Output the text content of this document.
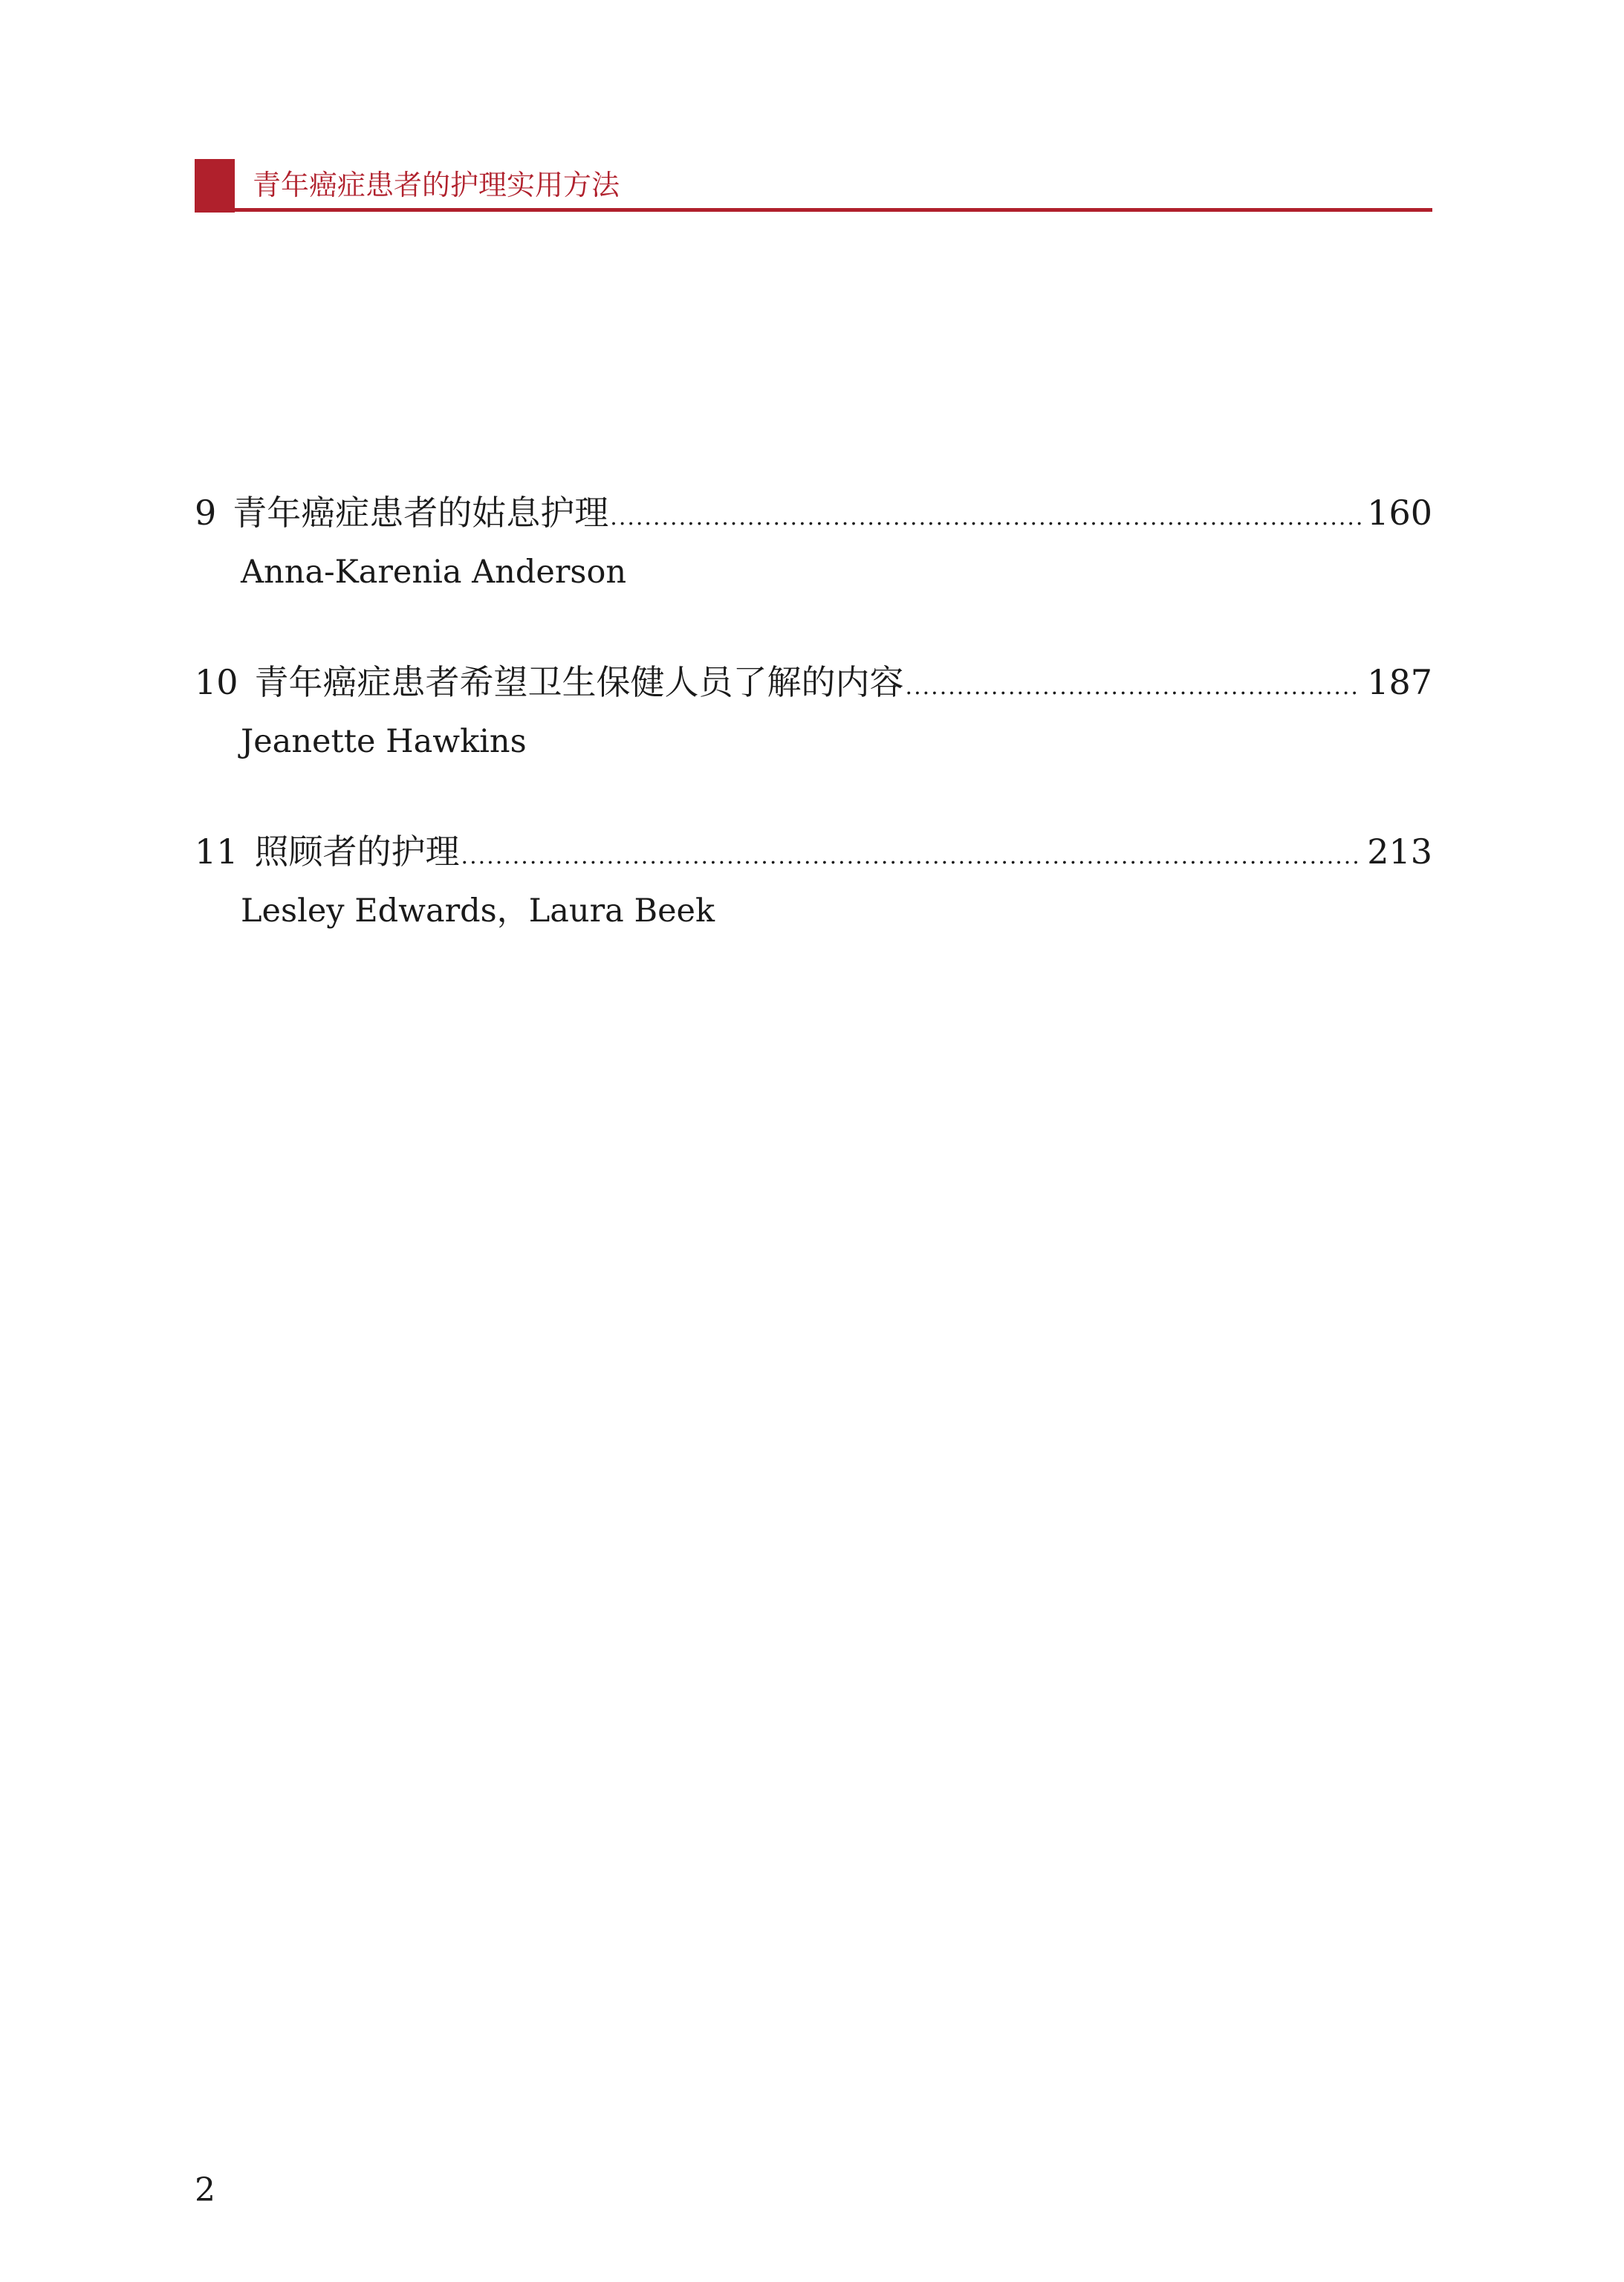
青年癌症患者的护理实用方法
9 青年癌症患者的姑息护理 .....	160
Anna-Karenia Anderson
10 青年癌症患者希望卫生保健人员了解的内容 .....	187
Jeanette Hawkins
11 照顾者的护理 .....	213
Lesley Edwards，Laura Beek
2
